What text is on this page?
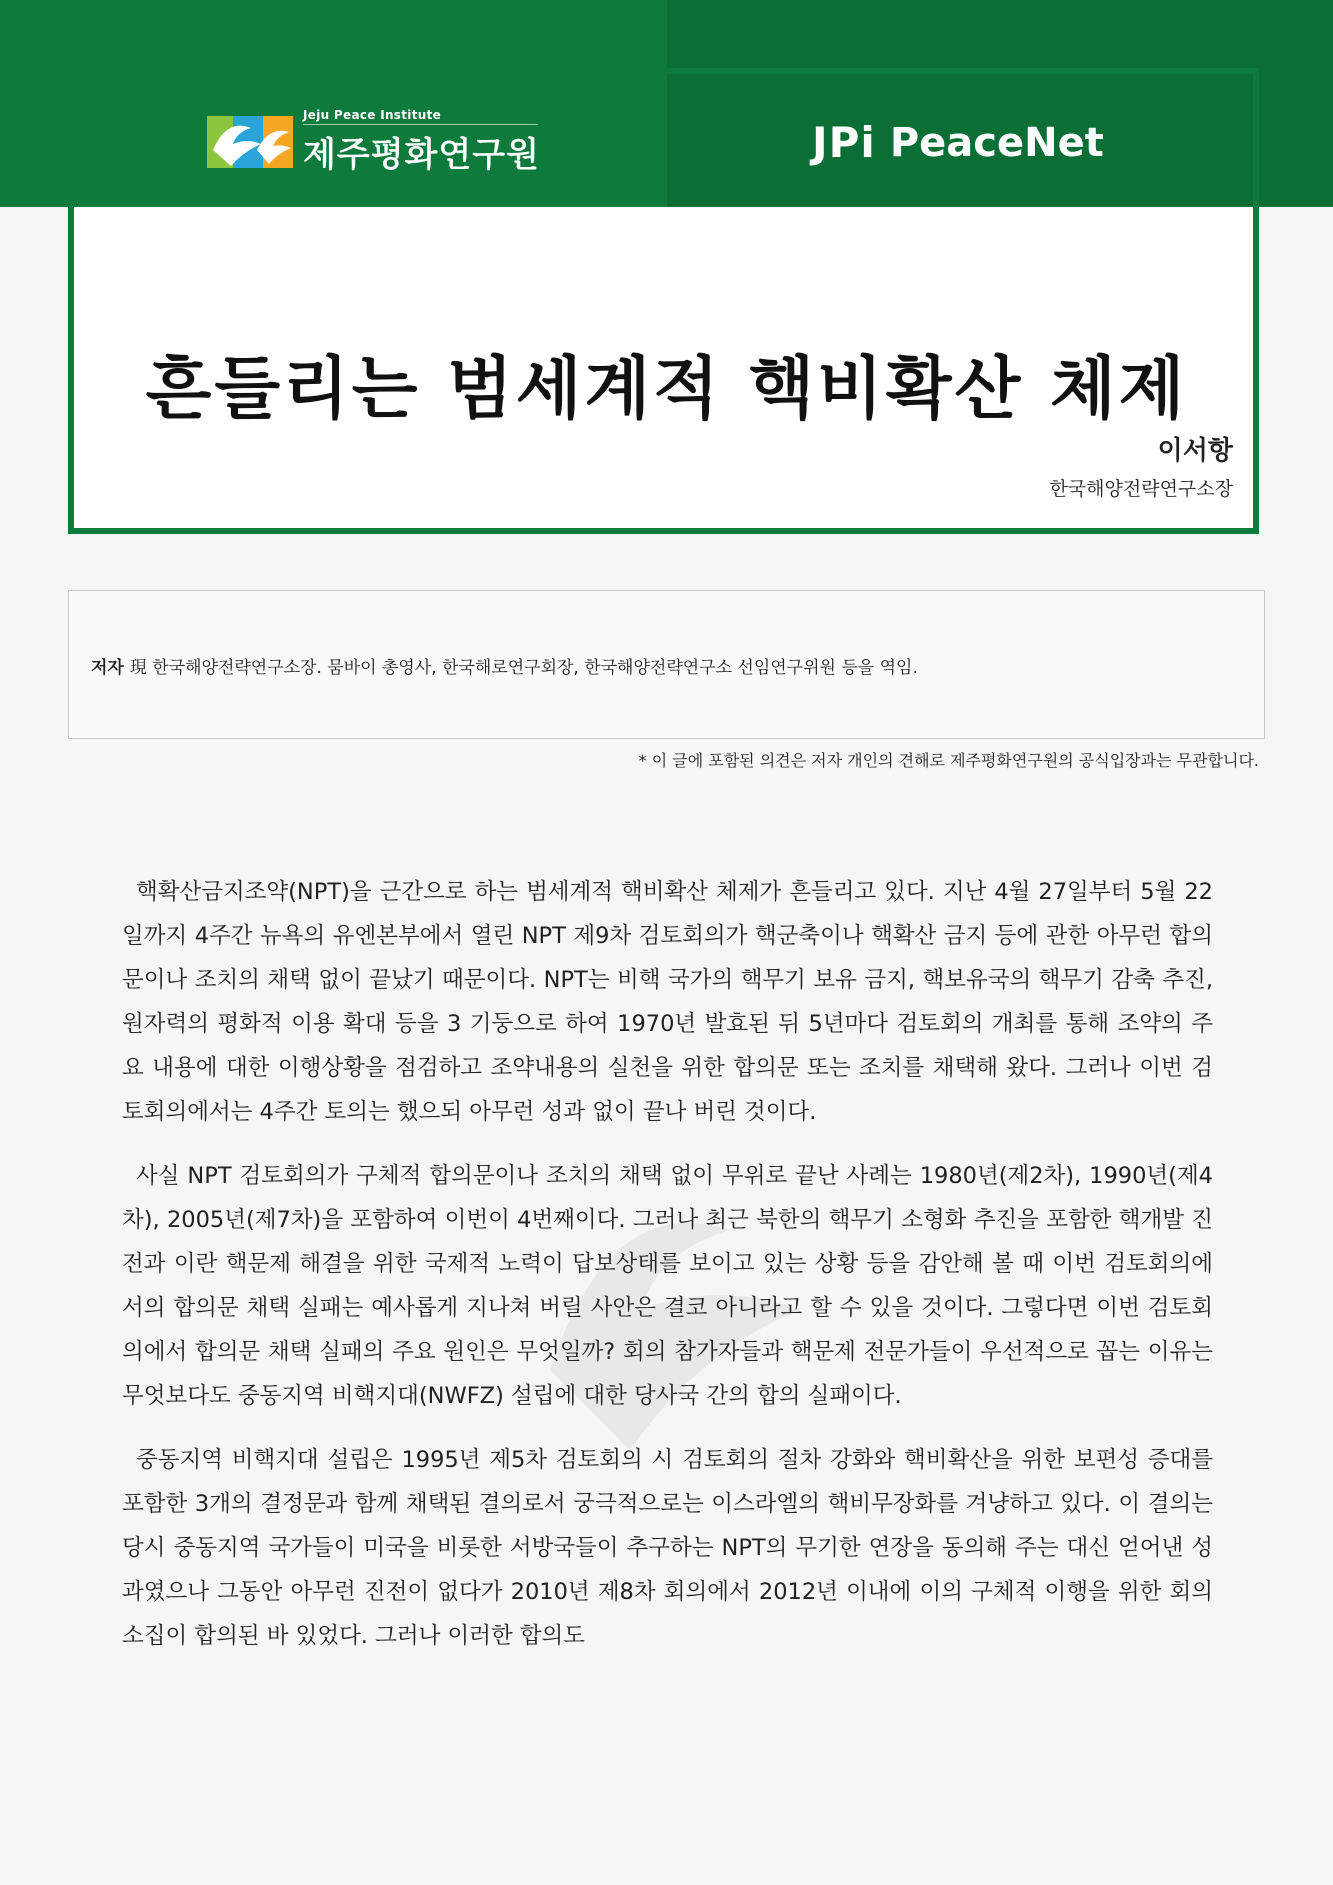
Jeju Peace Institute
제주평화연구원	JPi PeaceNet
흔들리는 범세계적 핵비확산 체제
이서항
한국해양전략연구소장
저자 現 한국해양전략연구소장. 뭄바이 총영사, 한국해로연구회장, 한국해양전략연구소 선임연구위원 등을 역임.
* 이 글에 포함된 의견은 저자 개인의 견해로 제주평화연구원의 공식입장과는 무관합니다.

핵확산금지조약(NPT)을 근간으로 하는 범세계적 핵비확산 체제가 흔들리고 있다. 지난 4월 27일부터 5월 22일까지 4주간 뉴욕의 유엔본부에서 열린 NPT 제9차 검토회의가 핵군축이나 핵확산 금지 등에 관한 아무런 합의문이나 조치의 채택 없이 끝났기 때문이다. NPT는 비핵 국가의 핵무기 보유 금지, 핵보유국의 핵무기 감축 추진, 원자력의 평화적 이용 확대 등을 3 기둥으로 하여 1970년 발효된 뒤 5년마다 검토회의 개최를 통해 조약의 주요 내용에 대한 이행상황을 점검하고 조약내용의 실천을 위한 합의문 또는 조치를 채택해 왔다. 그러나 이번 검토회의에서는 4주간 토의는 했으되 아무런 성과 없이 끝나 버린 것이다.

사실 NPT 검토회의가 구체적 합의문이나 조치의 채택 없이 무위로 끝난 사례는 1980년(제2차), 1990년(제4차), 2005년(제7차)을 포함하여 이번이 4번째이다. 그러나 최근 북한의 핵무기 소형화 추진을 포함한 핵개발 진전과 이란 핵문제 해결을 위한 국제적 노력이 답보상태를 보이고 있는 상황 등을 감안해 볼 때 이번 검토회의에서의 합의문 채택 실패는 예사롭게 지나쳐 버릴 사안은 결코 아니라고 할 수 있을 것이다. 그렇다면 이번 검토회의에서 합의문 채택 실패의 주요 원인은 무엇일까? 회의 참가자들과 핵문제 전문가들이 우선적으로 꼽는 이유는 무엇보다도 중동지역 비핵지대(NWFZ) 설립에 대한 당사국 간의 합의 실패이다.

중동지역 비핵지대 설립은 1995년 제5차 검토회의 시 검토회의 절차 강화와 핵비확산을 위한 보편성 증대를 포함한 3개의 결정문과 함께 채택된 결의로서 궁극적으로는 이스라엘의 핵비무장화를 겨냥하고 있다. 이 결의는 당시 중동지역 국가들이 미국을 비롯한 서방국들이 추구하는 NPT의 무기한 연장을 동의해 주는 대신 얻어낸 성과였으나 그동안 아무런 진전이 없다가 2010년 제8차 회의에서 2012년 이내에 이의 구체적 이행을 위한 회의소집이 합의된 바 있었다. 그러나 이러한 합의도
